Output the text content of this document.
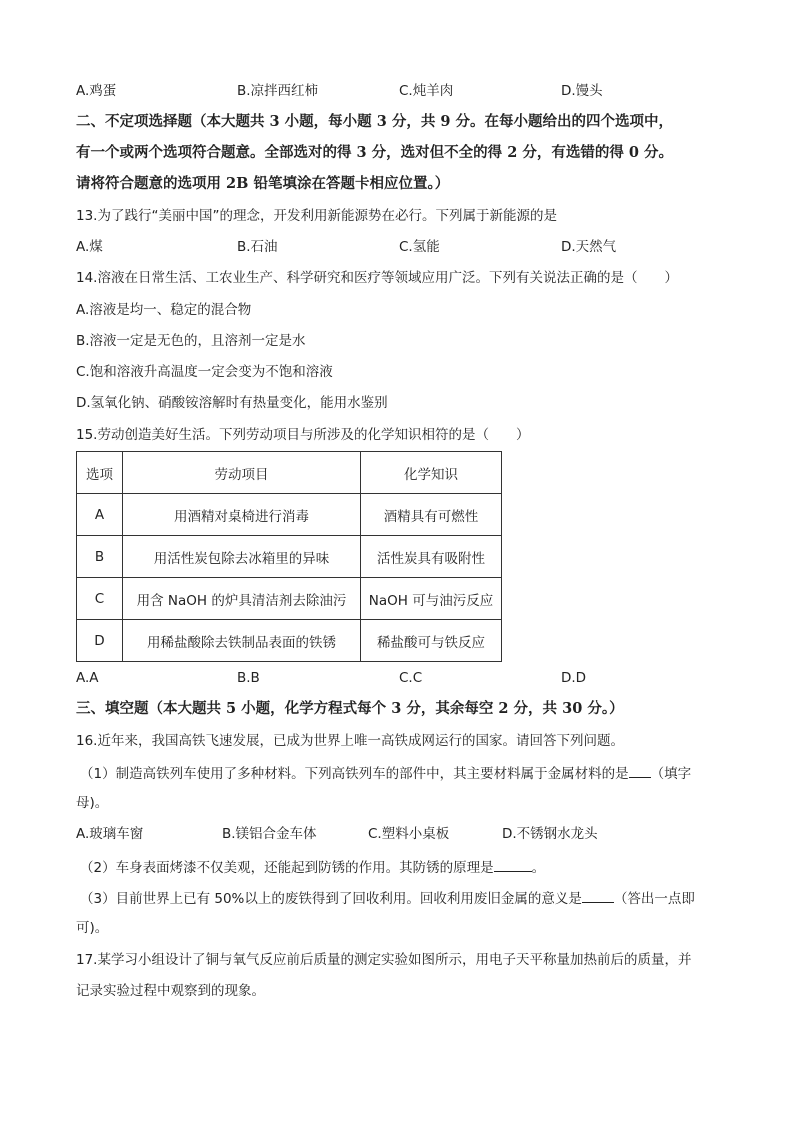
A.鸡蛋	B.凉拌西红柿	C.炖羊肉	D.馒头
二、不定项选择题（本大题共 3 小题，每小题 3 分，共 9 分。在每小题给出的四个选项中，
有一个或两个选项符合题意。全部选对的得 3 分，选对但不全的得 2 分，有选错的得 0 分。
请将符合题意的选项用 2B 铅笔填涂在答题卡相应位置。）
13.为了践行“美丽中国”的理念，开发利用新能源势在必行。下列属于新能源的是
A.煤	B.石油	C.氢能	D.天然气
14.溶液在日常生活、工农业生产、科学研究和医疗等领域应用广泛。下列有关说法正确的是（　　）
A.溶液是均一、稳定的混合物
B.溶液一定是无色的，且溶剂一定是水
C.饱和溶液升高温度一定会变为不饱和溶液
D.氢氧化钠、硝酸铵溶解时有热量变化，能用水鉴别
15.劳动创造美好生活。下列劳动项目与所涉及的化学知识相符的是（　　）
选项	劳动项目	化学知识
A	用酒精对桌椅进行消毒	酒精具有可燃性
B	用活性炭包除去冰箱里的异味	活性炭具有吸附性
C	用含 NaOH 的炉具清洁剂去除油污	NaOH 可与油污反应
D	用稀盐酸除去铁制品表面的铁锈	稀盐酸可与铁反应
A.A	B.B	C.C	D.D
三、填空题（本大题共 5 小题，化学方程式每个 3 分，其余每空 2 分，共 30 分。）
16.近年来，我国高铁飞速发展，已成为世界上唯一高铁成网运行的国家。请回答下列问题。
（1）制造高铁列车使用了多种材料。下列高铁列车的部件中，其主要材料属于金属材料的是 （填字
母)。
A.玻璃车窗	B.镁铝合金车体	C.塑料小桌板	D.不锈钢水龙头
（2）车身表面烤漆不仅美观，还能起到防锈的作用。其防锈的原理是	。
（3）目前世界上已有 50%以上的废铁得到了回收利用。回收利用废旧金属的意义是 （答出一点即
可)。
17.某学习小组设计了铜与氧气反应前后质量的测定实验如图所示，用电子天平称量加热前后的质量，并
记录实验过程中观察到的现象。
